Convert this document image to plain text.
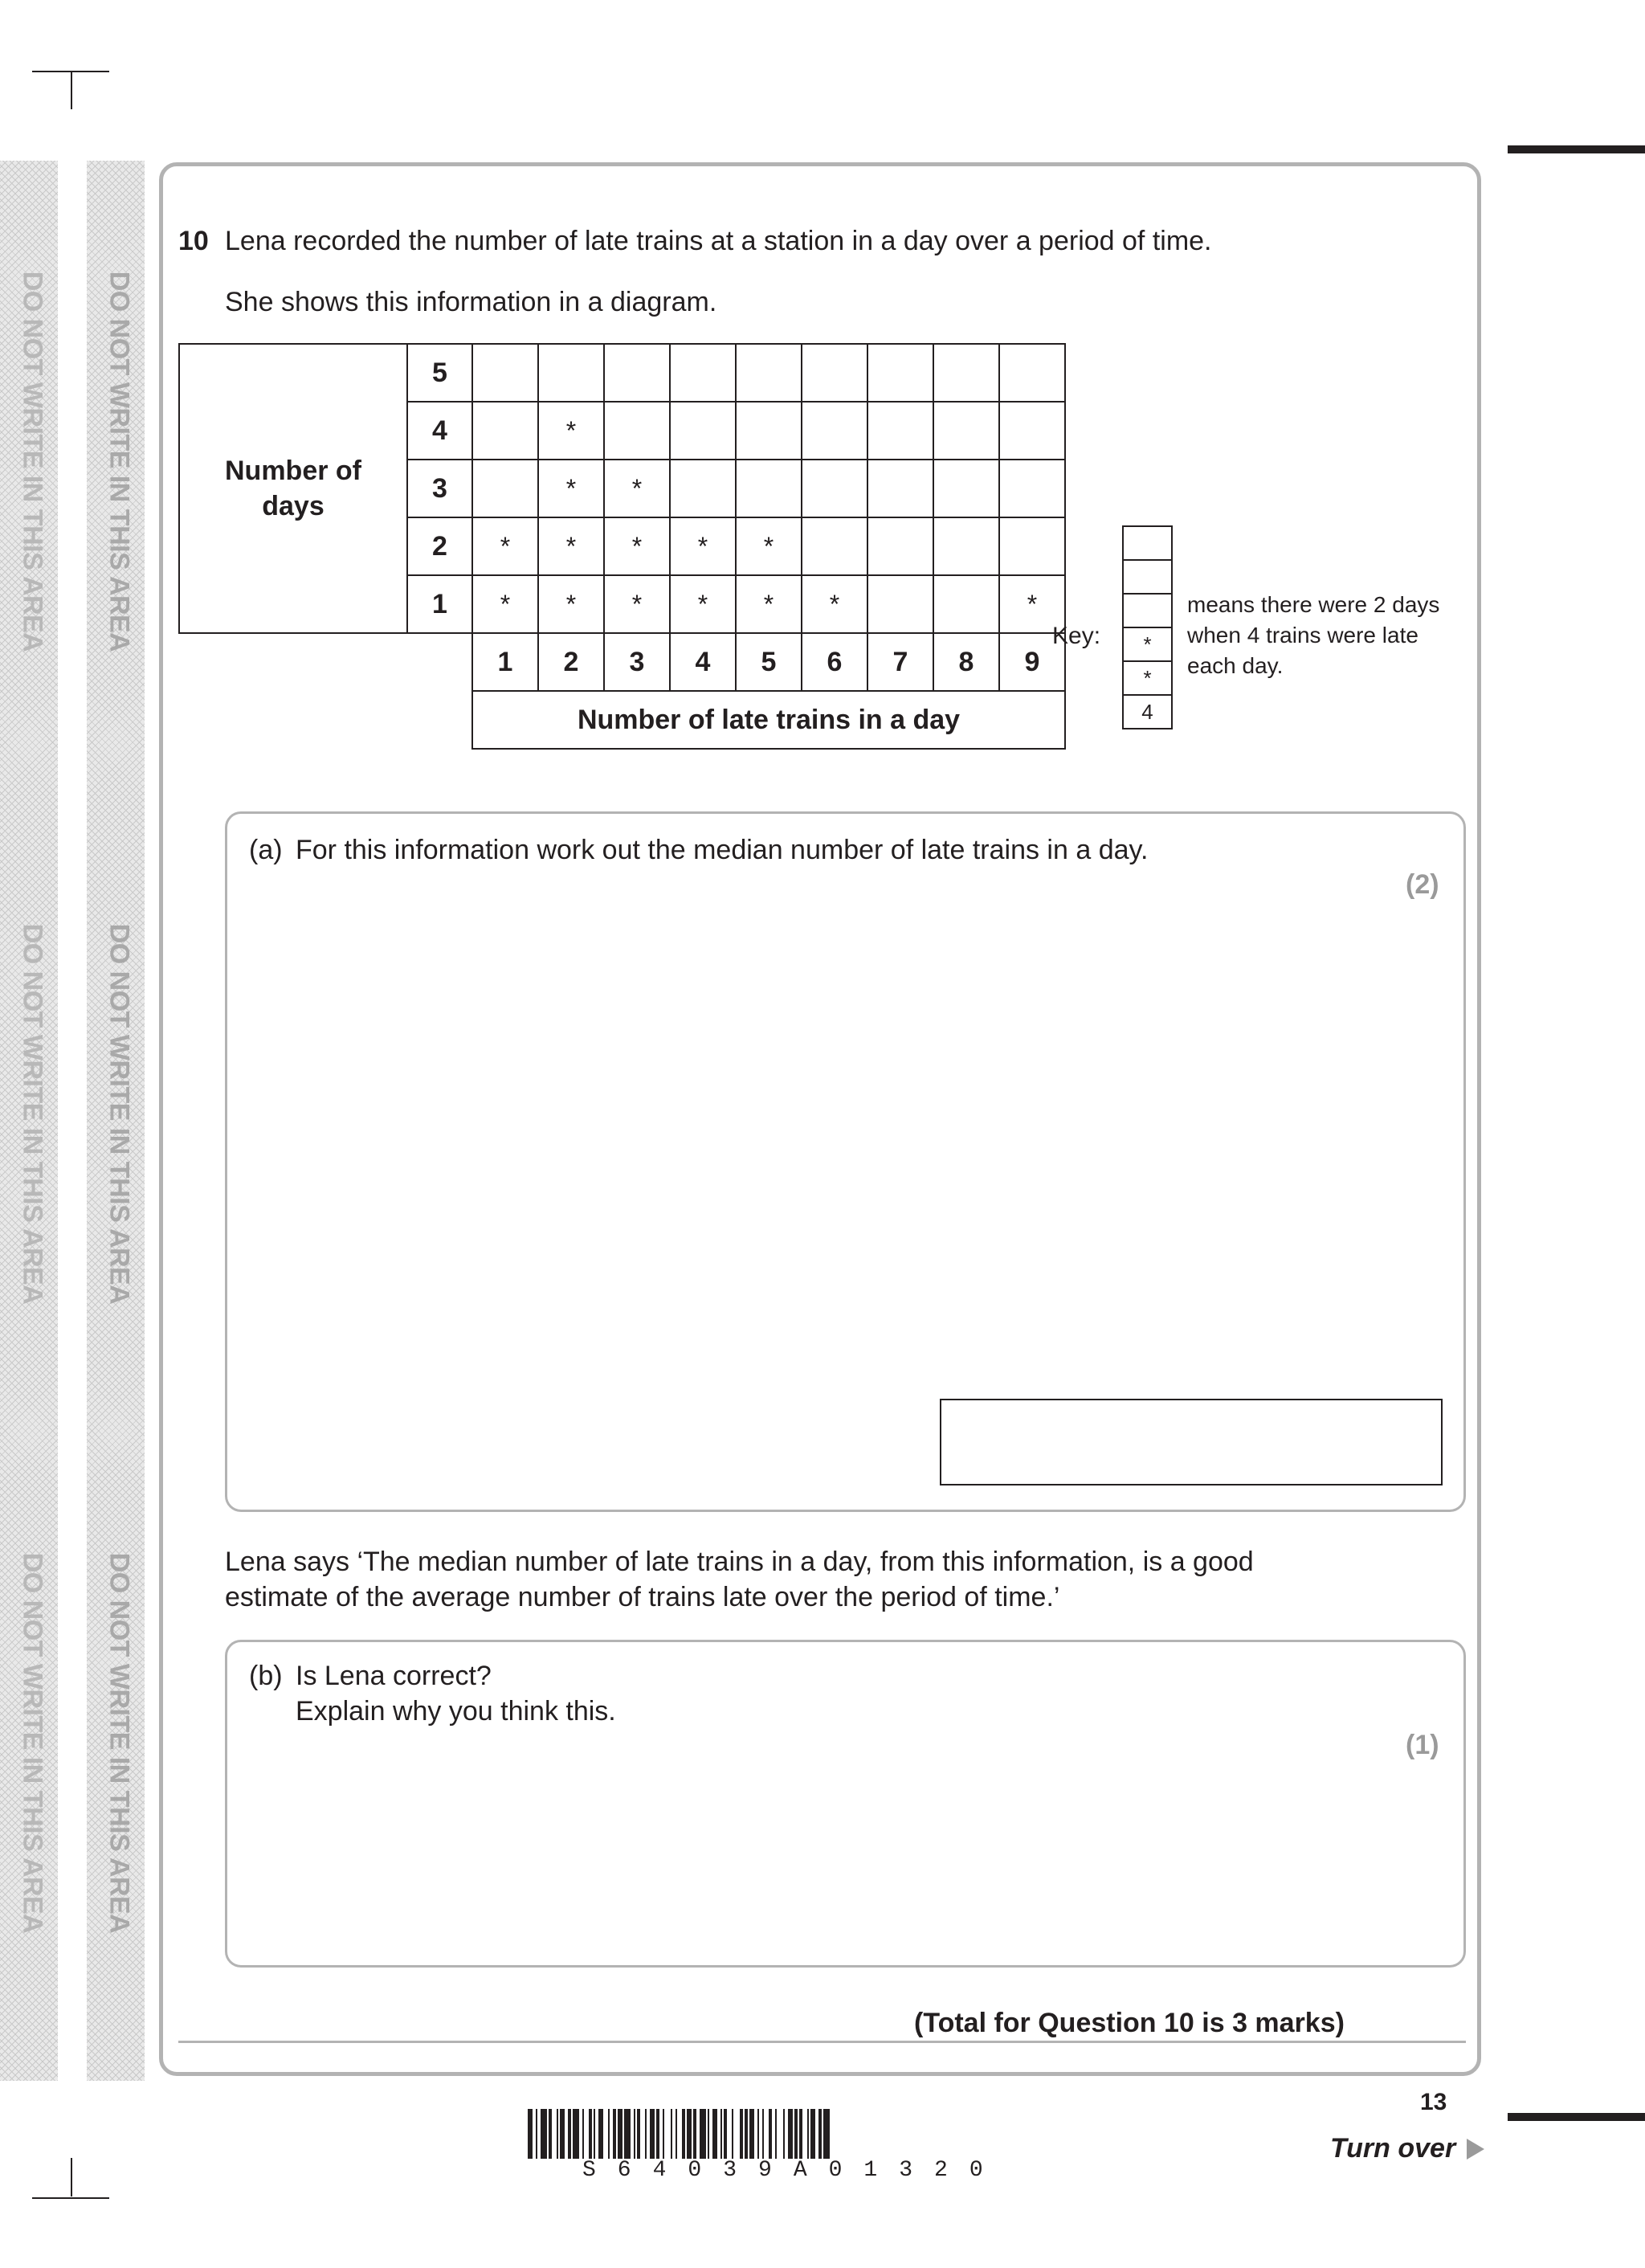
DO NOT WRITE IN THIS AREA DO NOT WRITE IN THIS AREA
DO NOT WRITE IN THIS AREA DO NOT WRITE IN THIS AREA
DO NOT WRITE IN THIS AREA DO NOT WRITE IN THIS AREA
10 Lena recorded the number of late trains at a station in a day over a period of time.
She shows this information in a diagram.
Number of days	5									
	4		*							
	3		*	*						
	2	*	*	*	*	*				
	1	*	*	*	*	*	*			*
		1	2	3	4	5	6	7	8	9
		Number of late trains in a day								
Key:	*
*
4
means there were 2 days
when 4 trains were late
each day.
(a) For this information work out the median number of late trains in a day.
(2)
Lena says ‘The median number of late trains in a day, from this information, is a good
estimate of the average number of trains late over the period of time.’
(b) Is Lena correct?
Explain why you think this.
(1)
(Total for Question 10 is 3 marks)
13
Turn over
S64039A01320
